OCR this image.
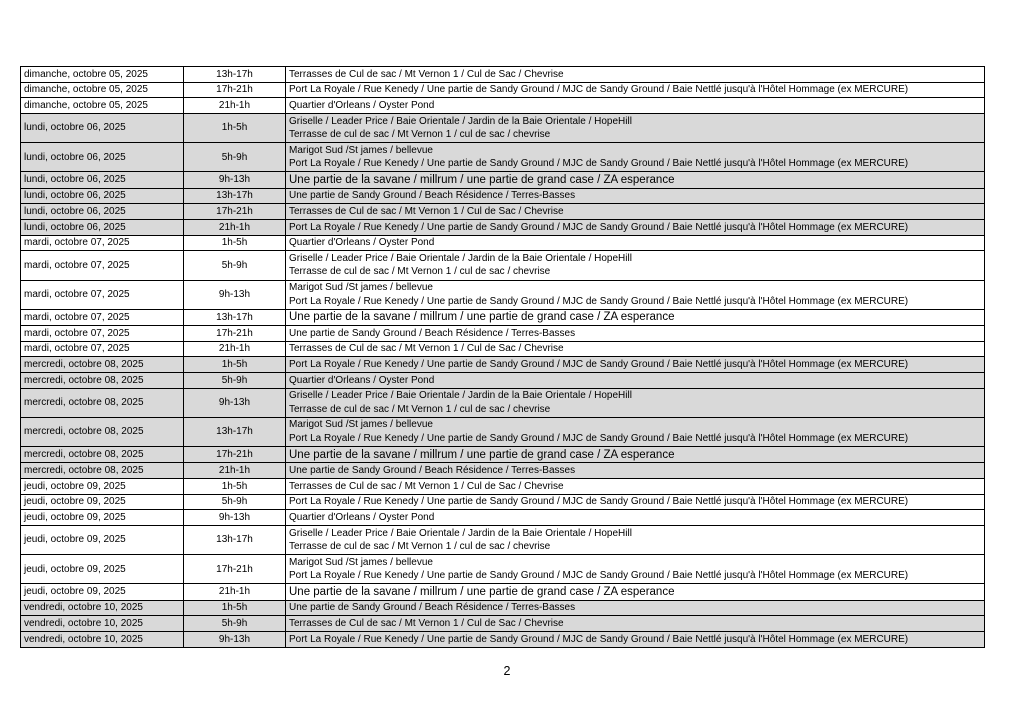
dimanche, octobre 05, 2025	13h-17h	Terrasses de Cul de sac / Mt Vernon 1 / Cul de Sac / Chevrise

dimanche, octobre 05, 2025	17h-21h	Port La Royale / Rue Kenedy / Une partie de Sandy Ground / MJC de Sandy Ground / Baie Nettlé jusqu'à l'Hôtel Hommage (ex MERCURE)

dimanche, octobre 05, 2025	21h-1h	Quartier d'Orleans / Oyster Pond

lundi, octobre 06, 2025	1h-5h	Griselle / Leader Price / Baie Orientale / Jardin de la Baie Orientale / HopeHill
Terrasse de cul de sac / Mt Vernon 1 / cul de sac / chevrise

lundi, octobre 06, 2025	5h-9h	Marigot Sud /St james / bellevue
Port La Royale / Rue Kenedy / Une partie de Sandy Ground / MJC de Sandy Ground / Baie Nettlé jusqu'à l'Hôtel Hommage (ex MERCURE)

lundi, octobre 06, 2025	9h-13h	Une partie de la savane / millrum / une partie de grand case / ZA esperance

lundi, octobre 06, 2025	13h-17h	Une partie de Sandy Ground / Beach Résidence / Terres-Basses

lundi, octobre 06, 2025	17h-21h	Terrasses de Cul de sac / Mt Vernon 1 / Cul de Sac / Chevrise

lundi, octobre 06, 2025	21h-1h	Port La Royale / Rue Kenedy / Une partie de Sandy Ground / MJC de Sandy Ground / Baie Nettlé jusqu'à l'Hôtel Hommage (ex MERCURE)

mardi, octobre 07, 2025	1h-5h	Quartier d'Orleans / Oyster Pond

mardi, octobre 07, 2025	5h-9h	Griselle / Leader Price / Baie Orientale / Jardin de la Baie Orientale / HopeHill
Terrasse de cul de sac / Mt Vernon 1 / cul de sac / chevrise

mardi, octobre 07, 2025	9h-13h	Marigot Sud /St james / bellevue
Port La Royale / Rue Kenedy / Une partie de Sandy Ground / MJC de Sandy Ground / Baie Nettlé jusqu'à l'Hôtel Hommage (ex MERCURE)

mardi, octobre 07, 2025	13h-17h	Une partie de la savane / millrum / une partie de grand case / ZA esperance

mardi, octobre 07, 2025	17h-21h	Une partie de Sandy Ground / Beach Résidence / Terres-Basses

mardi, octobre 07, 2025	21h-1h	Terrasses de Cul de sac / Mt Vernon 1 / Cul de Sac / Chevrise

mercredi, octobre 08, 2025	1h-5h	Port La Royale / Rue Kenedy / Une partie de Sandy Ground / MJC de Sandy Ground / Baie Nettlé jusqu'à l'Hôtel Hommage (ex MERCURE)

mercredi, octobre 08, 2025	5h-9h	Quartier d'Orleans / Oyster Pond

mercredi, octobre 08, 2025	9h-13h	Griselle / Leader Price / Baie Orientale / Jardin de la Baie Orientale / HopeHill
Terrasse de cul de sac / Mt Vernon 1 / cul de sac / chevrise

mercredi, octobre 08, 2025	13h-17h	Marigot Sud /St james / bellevue
Port La Royale / Rue Kenedy / Une partie de Sandy Ground / MJC de Sandy Ground / Baie Nettlé jusqu'à l'Hôtel Hommage (ex MERCURE)

mercredi, octobre 08, 2025	17h-21h	Une partie de la savane / millrum / une partie de grand case / ZA esperance

mercredi, octobre 08, 2025	21h-1h	Une partie de Sandy Ground / Beach Résidence / Terres-Basses

jeudi, octobre 09, 2025	1h-5h	Terrasses de Cul de sac / Mt Vernon 1 / Cul de Sac / Chevrise

jeudi, octobre 09, 2025	5h-9h	Port La Royale / Rue Kenedy / Une partie de Sandy Ground / MJC de Sandy Ground / Baie Nettlé jusqu'à l'Hôtel Hommage (ex MERCURE)

jeudi, octobre 09, 2025	9h-13h	Quartier d'Orleans / Oyster Pond

jeudi, octobre 09, 2025	13h-17h	Griselle / Leader Price / Baie Orientale / Jardin de la Baie Orientale / HopeHill
Terrasse de cul de sac / Mt Vernon 1 / cul de sac / chevrise

jeudi, octobre 09, 2025	17h-21h	Marigot Sud /St james / bellevue
Port La Royale / Rue Kenedy / Une partie de Sandy Ground / MJC de Sandy Ground / Baie Nettlé jusqu'à l'Hôtel Hommage (ex MERCURE)

jeudi, octobre 09, 2025	21h-1h	Une partie de la savane / millrum / une partie de grand case / ZA esperance

vendredi, octobre 10, 2025	1h-5h	Une partie de Sandy Ground / Beach Résidence / Terres-Basses

vendredi, octobre 10, 2025	5h-9h	Terrasses de Cul de sac / Mt Vernon 1 / Cul de Sac / Chevrise

vendredi, octobre 10, 2025	9h-13h	Port La Royale / Rue Kenedy / Une partie de Sandy Ground / MJC de Sandy Ground / Baie Nettlé jusqu'à l'Hôtel Hommage (ex MERCURE)
2
